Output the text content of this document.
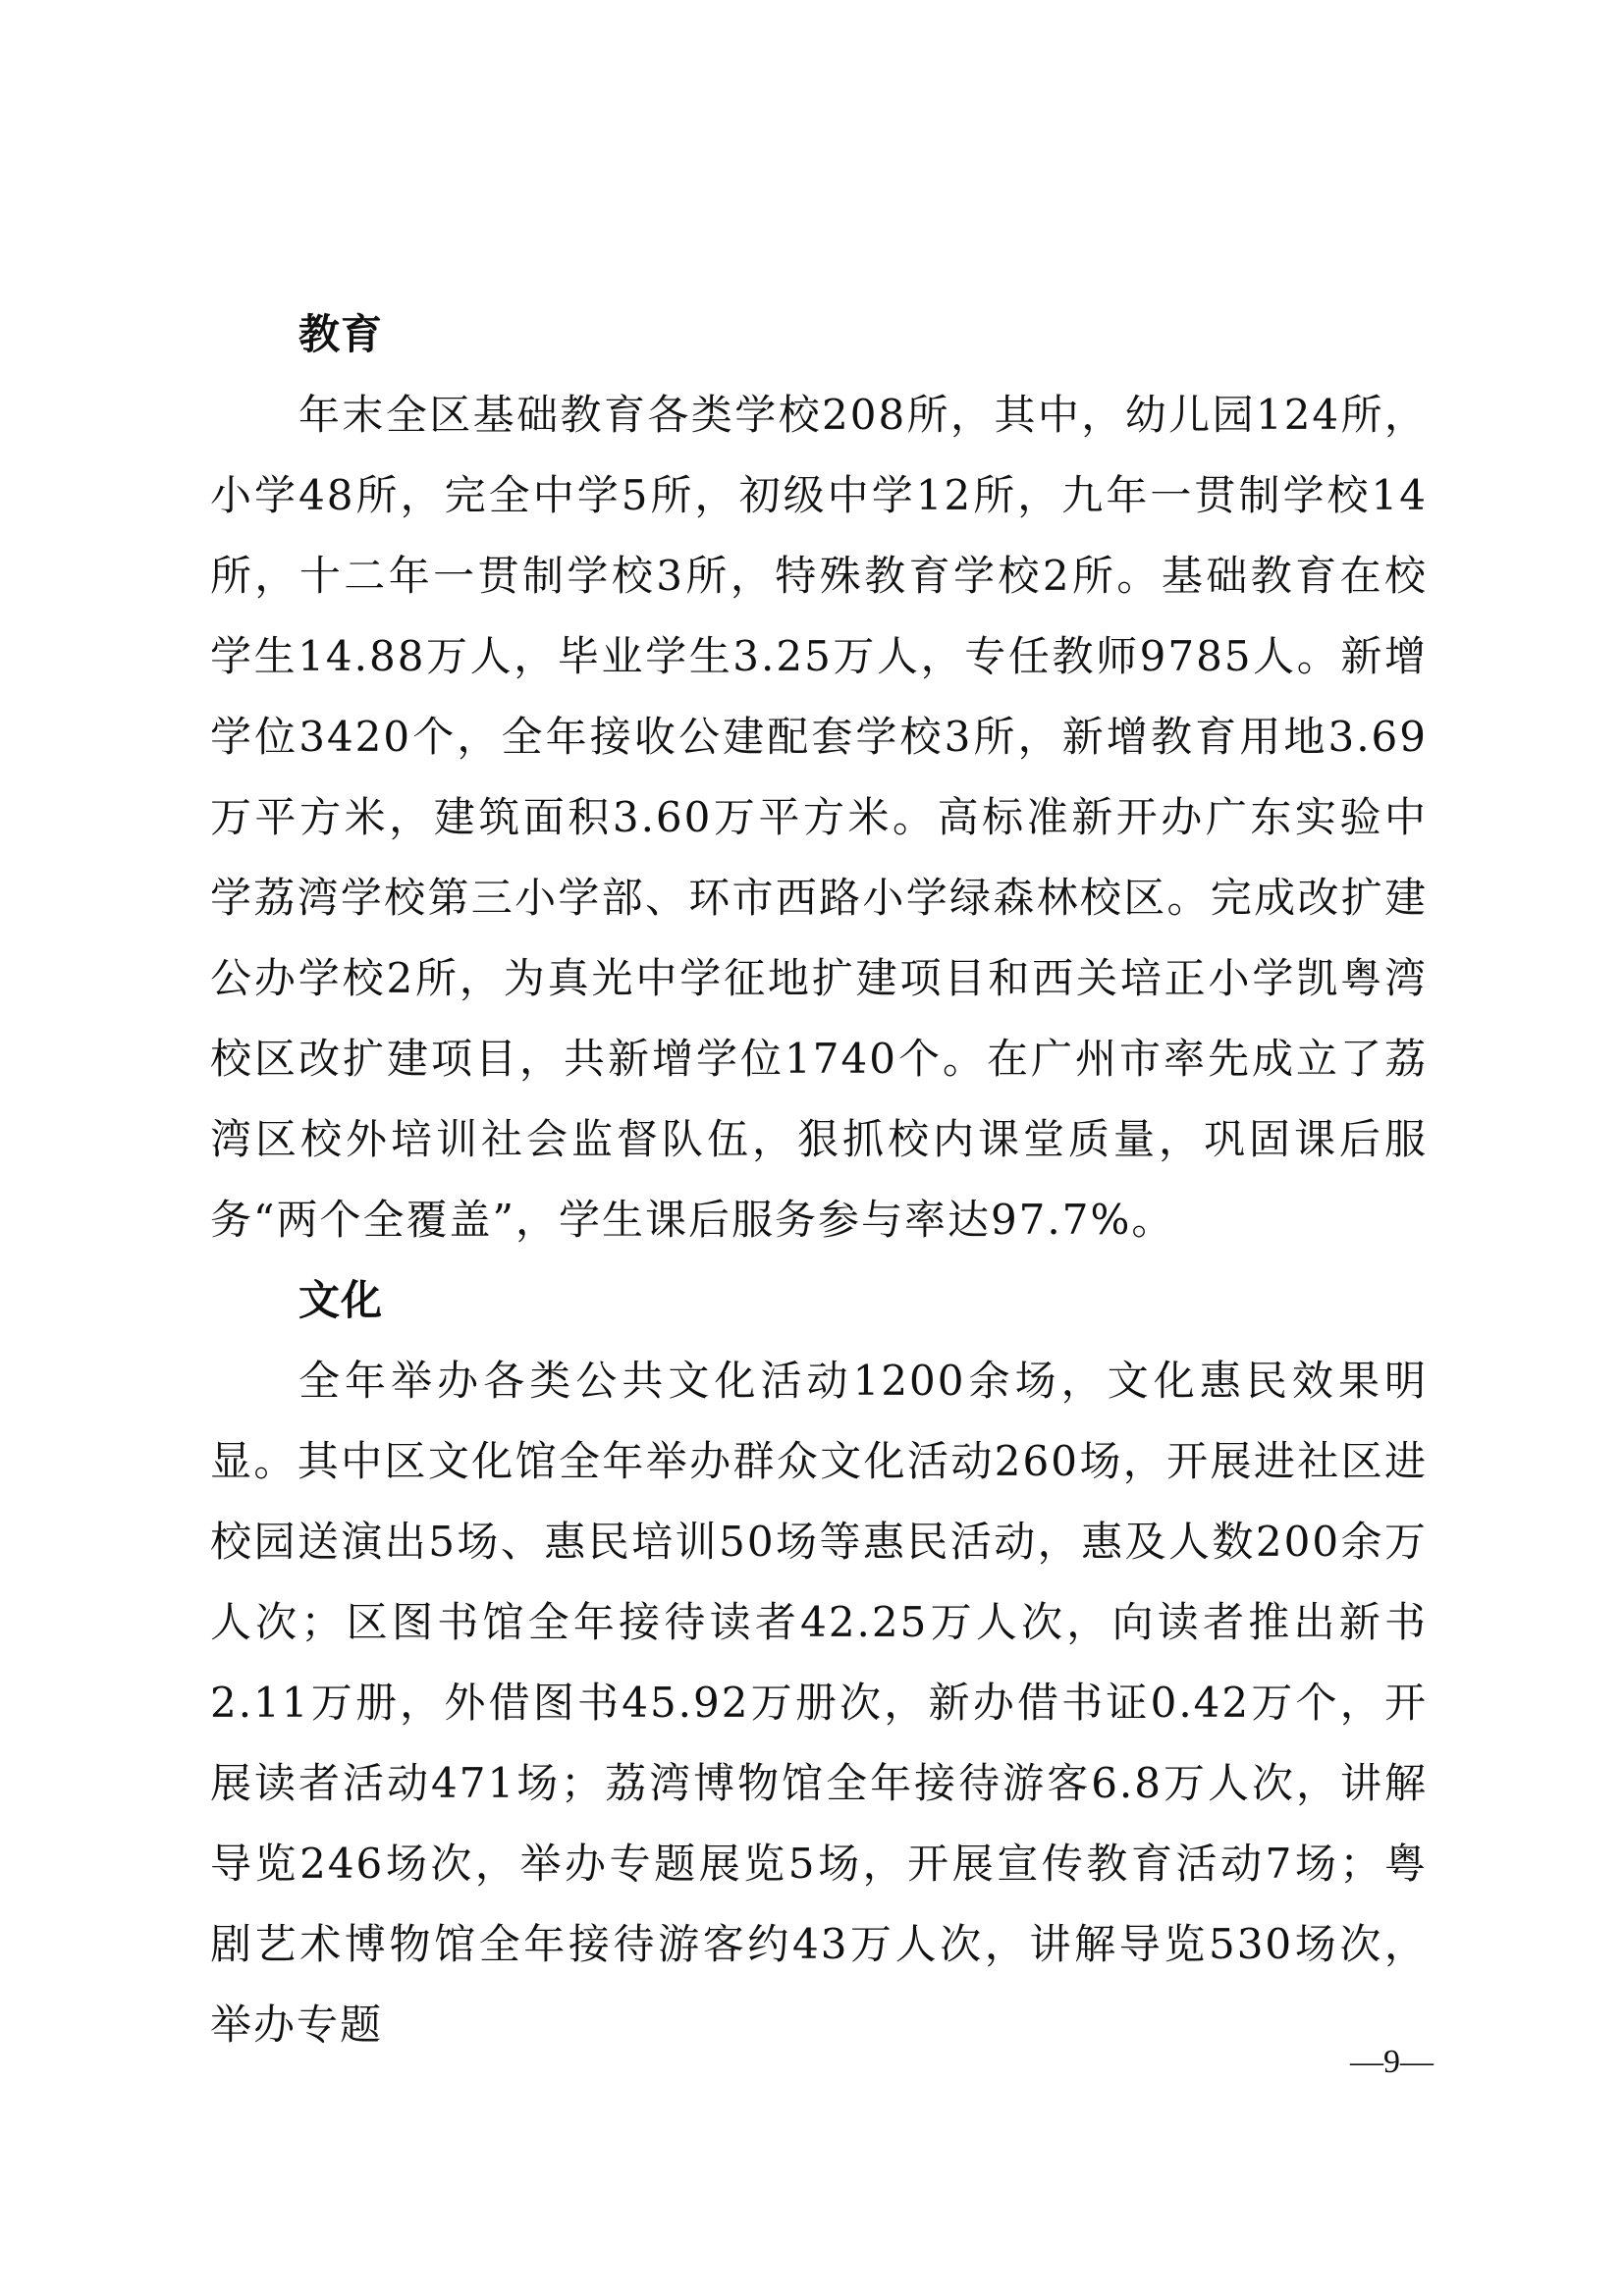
教育

年末全区基础教育各类学校208所，其中，幼儿园124所，小学48所，完全中学5所，初级中学12所，九年一贯制学校14所，十二年一贯制学校3所，特殊教育学校2所。基础教育在校学生14.88万人，毕业学生3.25万人，专任教师9785人。新增学位3420个，全年接收公建配套学校3所，新增教育用地3.69万平方米，建筑面积3.60万平方米。高标准新开办广东实验中学荔湾学校第三小学部、环市西路小学绿森林校区。完成改扩建公办学校2所，为真光中学征地扩建项目和西关培正小学凯粤湾校区改扩建项目，共新增学位1740个。在广州市率先成立了荔湾区校外培训社会监督队伍，狠抓校内课堂质量，巩固课后服务“两个全覆盖”，学生课后服务参与率达97.7%。

文化

全年举办各类公共文化活动1200余场，文化惠民效果明显。其中区文化馆全年举办群众文化活动260场，开展进社区进校园送演出5场、惠民培训50场等惠民活动，惠及人数200余万人次；区图书馆全年接待读者42.25万人次，向读者推出新书2.11万册，外借图书45.92万册次，新办借书证0.42万个，开展读者活动471场；荔湾博物馆全年接待游客6.8万人次，讲解导览246场次，举办专题展览5场，开展宣传教育活动7场；粤剧艺术博物馆全年接待游客约43万人次，讲解导览530场次，举办专题

—9—
